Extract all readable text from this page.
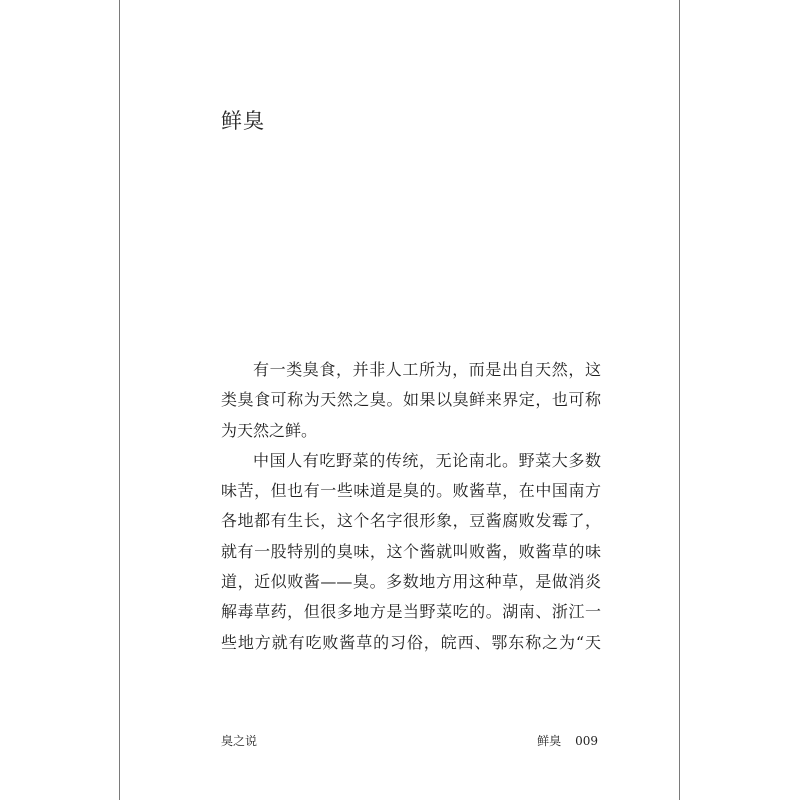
鲜臭
有一类臭食，并非人工所为，而是出自天然，这
类臭食可称为天然之臭。如果以臭鲜来界定，也可称
为天然之鲜。
中国人有吃野菜的传统，无论南北。野菜大多数
味苦，但也有一些味道是臭的。败酱草，在中国南方
各地都有生长，这个名字很形象，豆酱腐败发霉了，
就有一股特别的臭味，这个酱就叫败酱，败酱草的味
道，近似败酱——臭。多数地方用这种草，是做消炎
解毒草药，但很多地方是当野菜吃的。湖南、浙江一
些地方就有吃败酱草的习俗，皖西、鄂东称之为“天
臭之说	鲜臭 009
